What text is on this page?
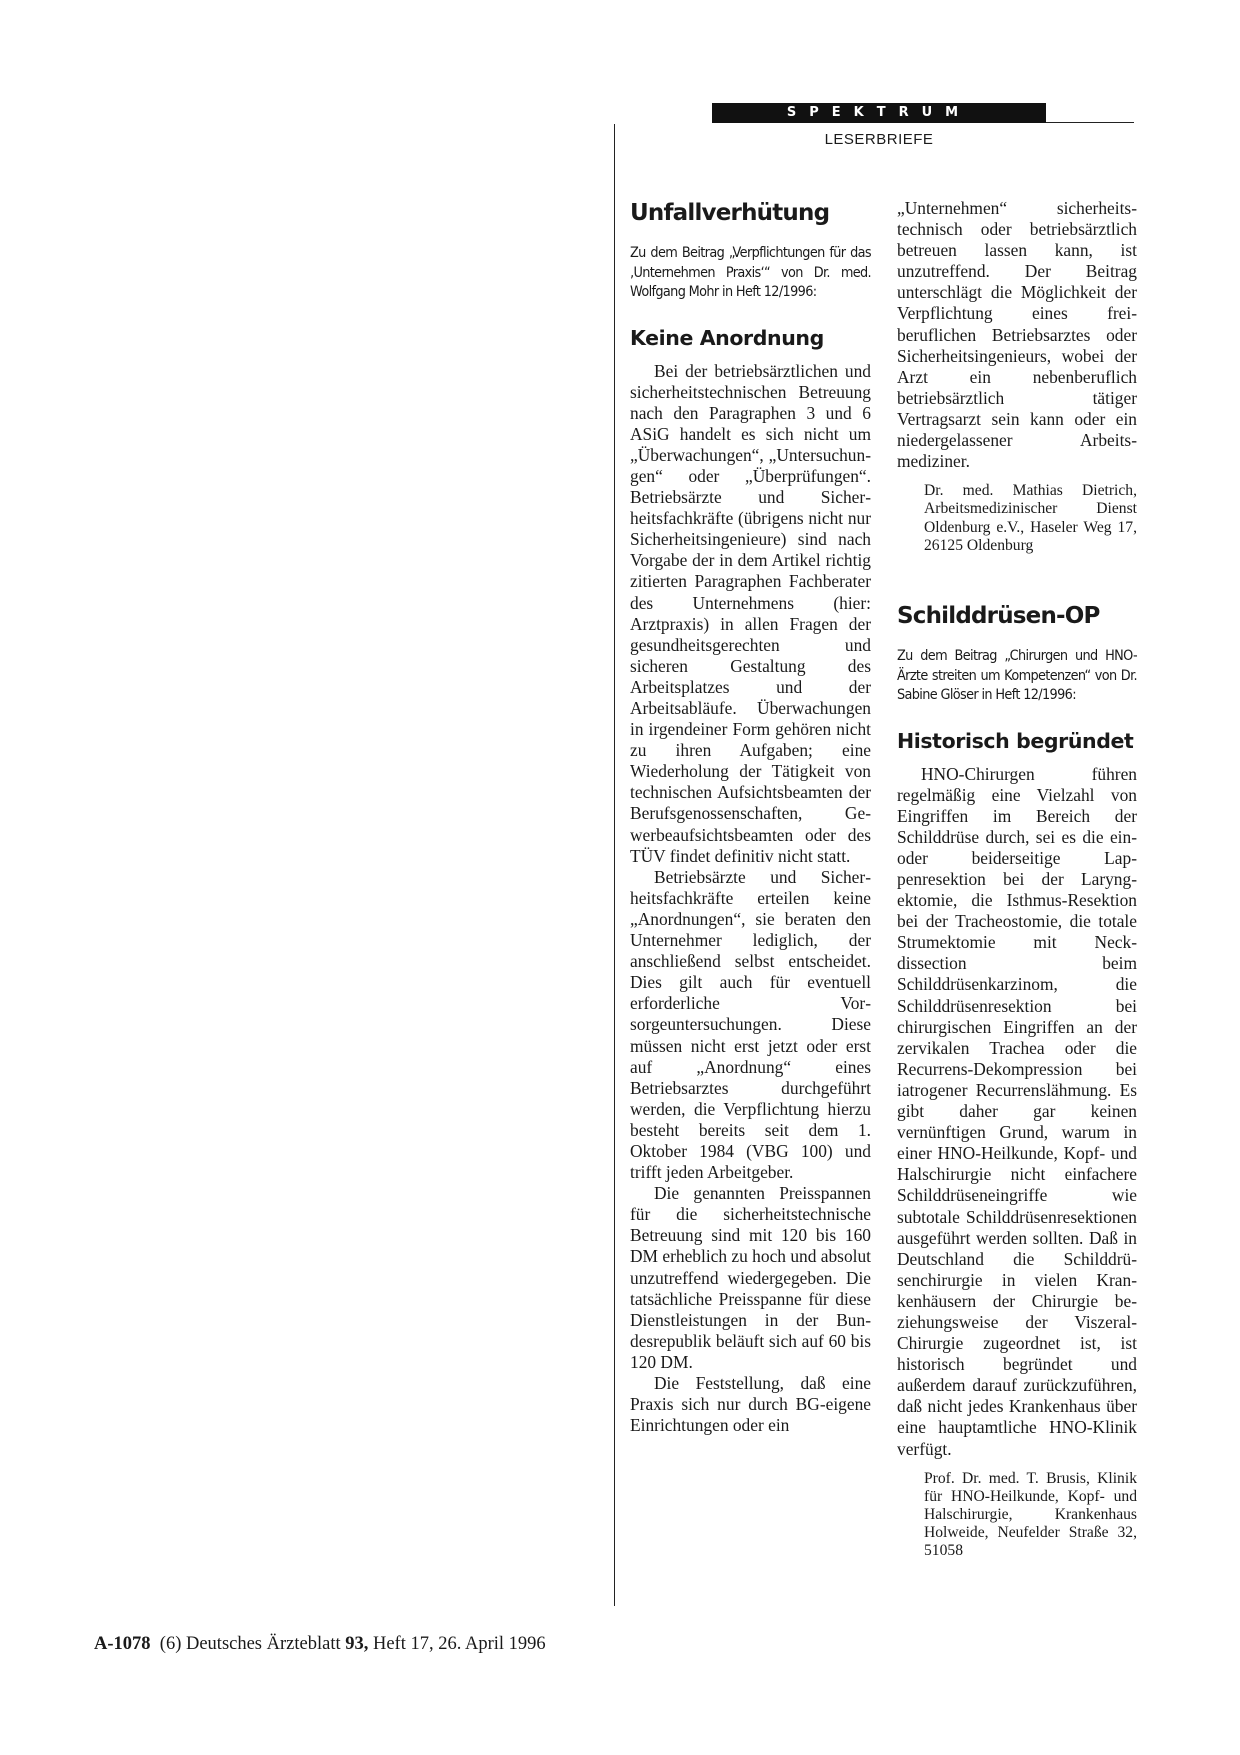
SPEKTRUM
LESERBRIEFE
Unfallverhütung

Zu dem Beitrag „Verpflichtungen für das ‚Unternehmen Praxis‘“ von Dr. med. Wolfgang Mohr in Heft 12/1996:

Keine Anordnung

Bei der betriebsärztlichen und sicherheitstechnischen Betreuung nach den Paragraphen 3 und 6 ASiG handelt es sich nicht um „Überwachungen“, „Untersuchungen“ oder „Überprüfungen“. Betriebsärzte und Sicherheitsfachkräfte (übrigens nicht nur Sicherheitsingenieure) sind nach Vorgabe der in dem Artikel richtig zitierten Paragraphen Fachberater des Unternehmens (hier: Arztpraxis) in allen Fragen der gesundheitsgerechten und sicheren Gestaltung des Arbeitsplatzes und der Arbeitsabläufe. Überwachungen in irgendeiner Form gehören nicht zu ihren Aufgaben; eine Wiederholung der Tätigkeit von technischen Aufsichtsbeamten der Berufsgenossenschaften, Gewerbeaufsichtsbeamten oder des TÜV findet definitiv nicht statt.

Betriebsärzte und Sicherheitsfachkräfte erteilen keine „Anordnungen“, sie beraten den Unternehmer lediglich, der anschließend selbst entscheidet. Dies gilt auch für eventuell erforderliche Vorsorgeuntersuchungen. Diese müssen nicht erst jetzt oder erst auf „Anordnung“ eines Betriebsarztes durchgeführt werden, die Verpflichtung hierzu besteht bereits seit dem 1. Oktober 1984 (VBG 100) und trifft jeden Arbeitgeber.

Die genannten Preisspannen für die sicherheitstechnische Betreuung sind mit 120 bis 160 DM erheblich zu hoch und absolut unzutreffend wiedergegeben. Die tatsächliche Preisspanne für diese Dienstleistungen in der Bundesrepublik beläuft sich auf 60 bis 120 DM.

Die Feststellung, daß eine Praxis sich nur durch BG-eigene Einrichtungen oder ein

„Unternehmen“ sicherheitstechnisch oder betriebsärztlich betreuen lassen kann, ist unzutreffend. Der Beitrag unterschlägt die Möglichkeit der Verpflichtung eines freiberuflichen Betriebsarztes oder Sicherheitsingenieurs, wobei der Arzt ein nebenberuflich betriebsärztlich tätiger Vertragsarzt sein kann oder ein niedergelassener Arbeitsmediziner.

Dr. med. Mathias Dietrich, Arbeitsmedizinischer Dienst Oldenburg e.V., Haseler Weg 17, 26125 Oldenburg

Schilddrüsen-OP

Zu dem Beitrag „Chirurgen und HNO-Ärzte streiten um Kompetenzen“ von Dr. Sabine Glöser in Heft 12/1996:

Historisch begründet

HNO-Chirurgen führen regelmäßig eine Vielzahl von Eingriffen im Bereich der Schilddrüse durch, sei es die ein- oder beiderseitige Lappenresektion bei der Laryngektomie, die Isthmus-Resektion bei der Tracheostomie, die totale Strumektomie mit Neck-dissection beim Schilddrüsenkarzinom, die Schilddrüsenresektion bei chirurgischen Eingriffen an der zervikalen Trachea oder die Recurrens-Dekompression bei iatrogener Recurrenslähmung. Es gibt daher gar keinen vernünftigen Grund, warum in einer HNO-Heilkunde, Kopf- und Halschirurgie nicht einfachere Schilddrüseneingriffe wie subtotale Schilddrüsenresektionen ausgeführt werden sollten. Daß in Deutschland die Schilddrüsenchirurgie in vielen Krankenhäusern der Chirurgie beziehungsweise der Viszeral-Chirurgie zugeordnet ist, ist historisch begründet und außerdem darauf zurückzuführen, daß nicht jedes Krankenhaus über eine hauptamtliche HNO-Klinik verfügt.

Prof. Dr. med. T. Brusis, Klinik für HNO-Heilkunde, Kopf- und Halschirurgie, Krankenhaus Holweide, Neufelder Straße 32, 51058

A-1078 (6) Deutsches Ärzteblatt 93, Heft 17, 26. April 1996
